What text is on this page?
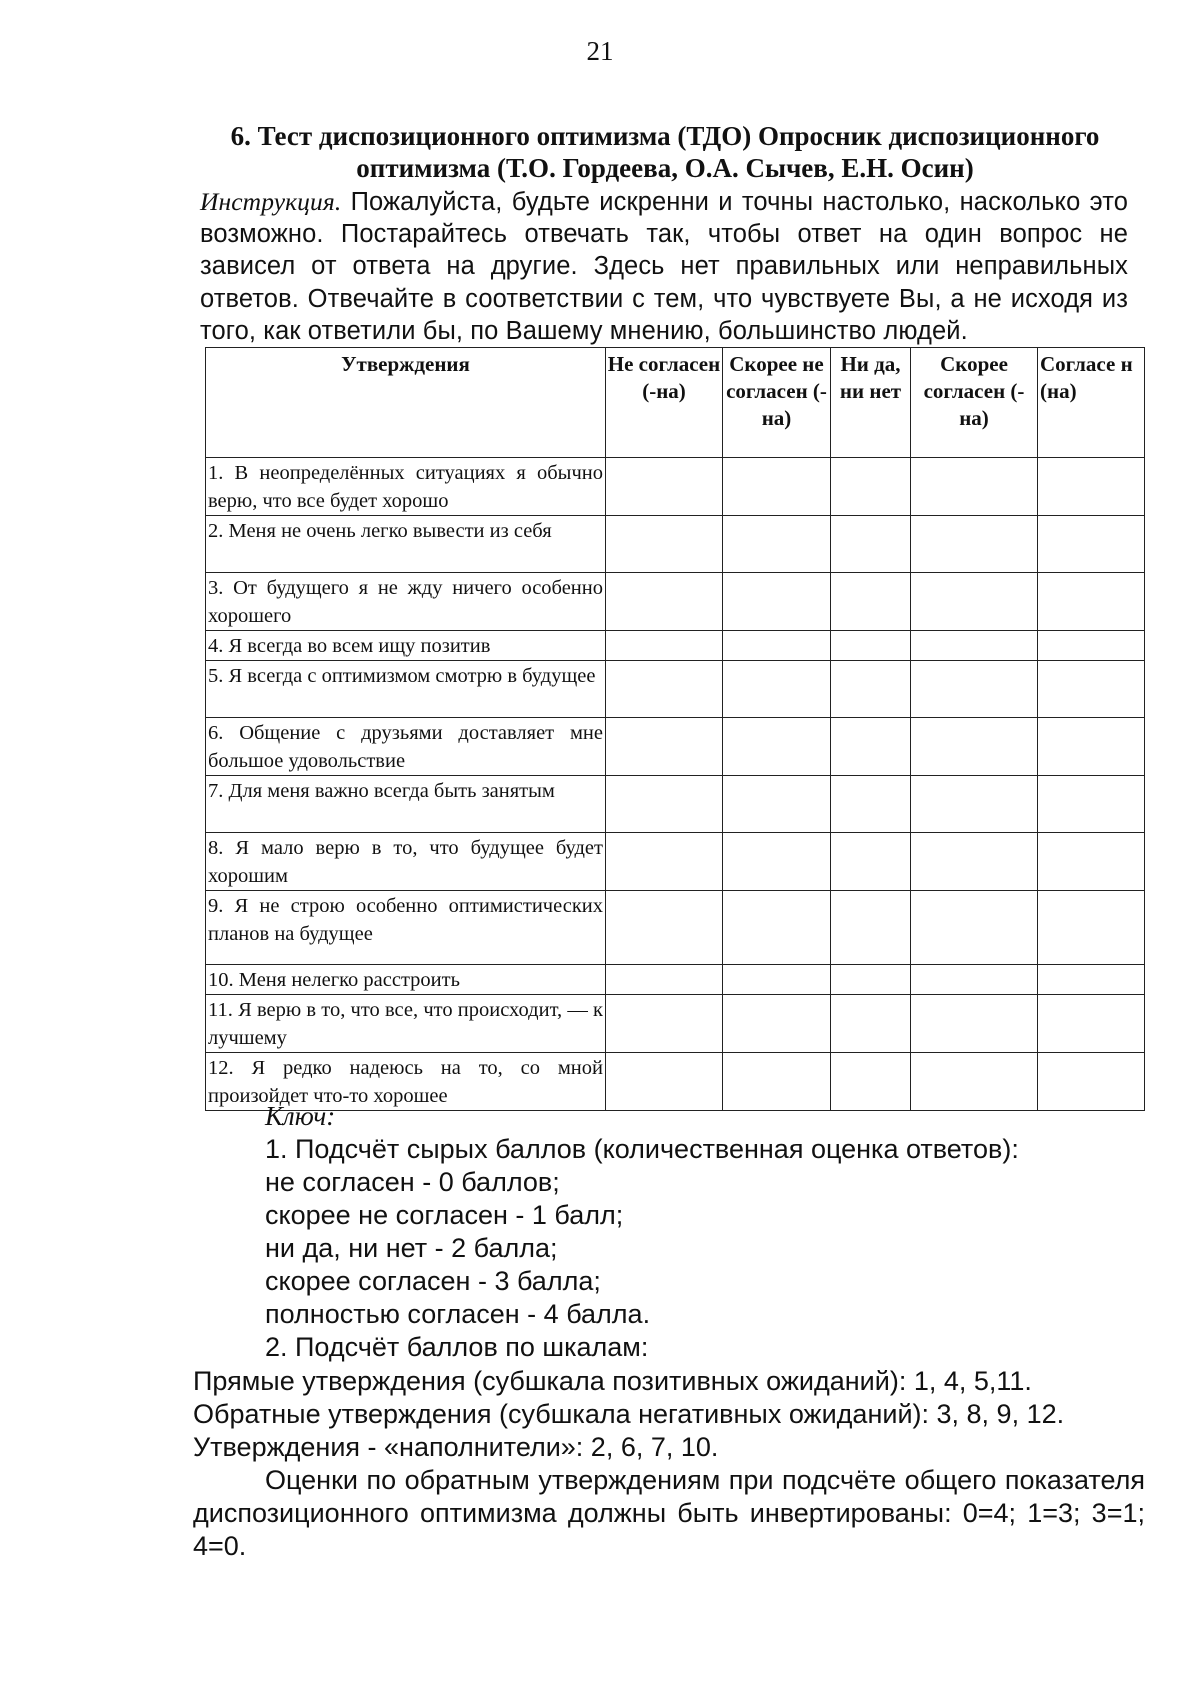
21
6. Тест диспозиционного оптимизма (ТДО) Опросник диспозиционного оптимизма (Т.О. Гордеева, О.А. Сычев, Е.Н. Осин)
Инструкция. Пожалуйста, будьте искренни и точны настолько, насколько это возможно. Постарайтесь отвечать так, чтобы ответ на один вопрос не зависел от ответа на другие. Здесь нет правильных или неправильных ответов. Отвечайте в соответствии с тем, что чувствуете Вы, а не исходя из того, как ответили бы, по Вашему мнению, большинство людей.
Утверждения	Не согласен (-на)	Скорее не согласен (-на)	Ни да, ни нет	Скорее согласен (-на)	Согласе н (на)
1. В неопределённых ситуациях я обычно верю, что все будет хорошо					
2. Меня не очень легко вывести из себя					
3. От будущего я не жду ничего особенно хорошего					
4. Я всегда во всем ищу позитив					
5. Я всегда с оптимизмом смотрю в будущее					
6. Общение с друзьями доставляет мне большое удовольствие					
7. Для меня важно всегда быть занятым					
8. Я мало верю в то, что будущее будет хорошим					
9. Я не строю особенно оптимистических планов на будущее					
10. Меня нелегко расстроить					
11. Я верю в то, что все, что происходит, — к лучшему					
12. Я редко надеюсь на то, со мной произойдет что-то хорошее					
Ключ:
1. Подсчёт сырых баллов (количественная оценка ответов):
не согласен - 0 баллов;
скорее не согласен - 1 балл;
ни да, ни нет - 2 балла;
скорее согласен - 3 балла;
полностью согласен - 4 балла.
2. Подсчёт баллов по шкалам:
Прямые утверждения (субшкала позитивных ожиданий): 1, 4, 5,11.
Обратные утверждения (субшкала негативных ожиданий): 3, 8, 9, 12.
Утверждения - «наполнители»: 2, 6, 7, 10.
Оценки по обратным утверждениям при подсчёте общего показателя диспозиционного оптимизма должны быть инвертированы: 0=4; 1=3; 3=1; 4=0.
